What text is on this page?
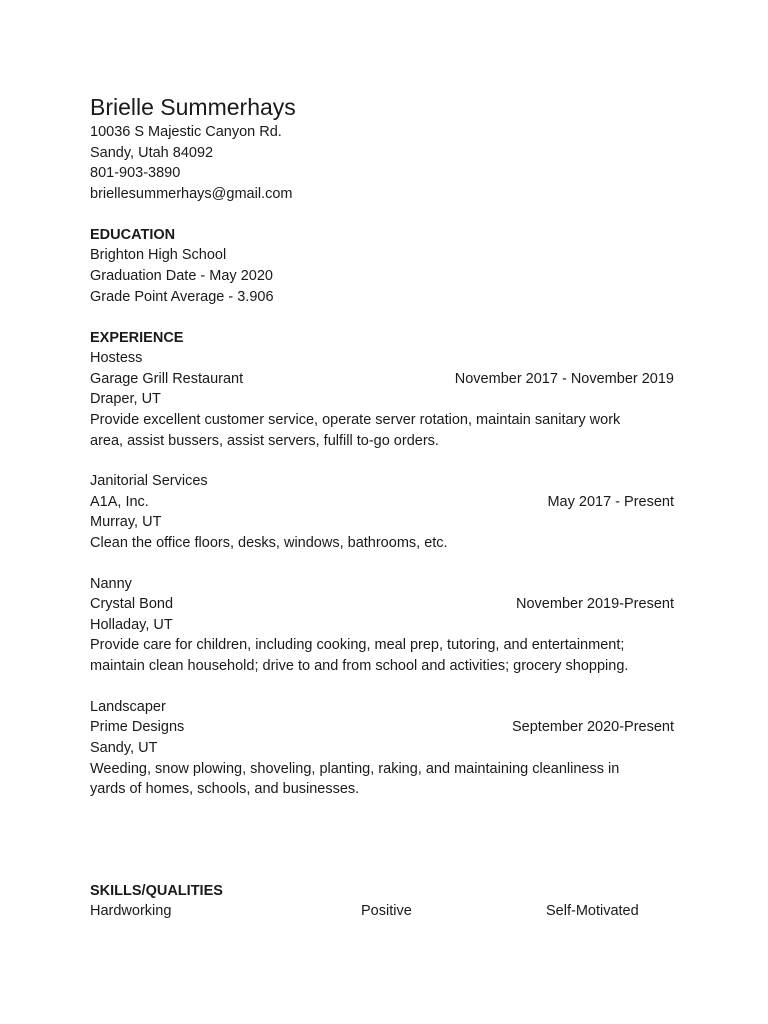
Brielle Summerhays
10036 S Majestic Canyon Rd.
Sandy, Utah 84092
801-903-3890
briellesummerhays@gmail.com
EDUCATION
Brighton High School
Graduation Date - May 2020
Grade Point Average - 3.906
EXPERIENCE
Hostess
Garage Grill Restaurant	November 2017 - November 2019
Draper, UT
Provide excellent customer service, operate server rotation, maintain sanitary work
area, assist bussers, assist servers, fulfill to-go orders.
Janitorial Services
A1A, Inc.	May 2017 - Present
Murray, UT
Clean the office floors, desks, windows, bathrooms, etc.
Nanny
Crystal Bond	November 2019-Present
Holladay, UT
Provide care for children, including cooking, meal prep, tutoring, and entertainment;
maintain clean household; drive to and from school and activities; grocery shopping.
Landscaper
Prime Designs	September 2020-Present
Sandy, UT
Weeding, snow plowing, shoveling, planting, raking, and maintaining cleanliness in
yards of homes, schools, and businesses.
SKILLS/QUALITIES
Hardworking	Positive	Self-Motivated
